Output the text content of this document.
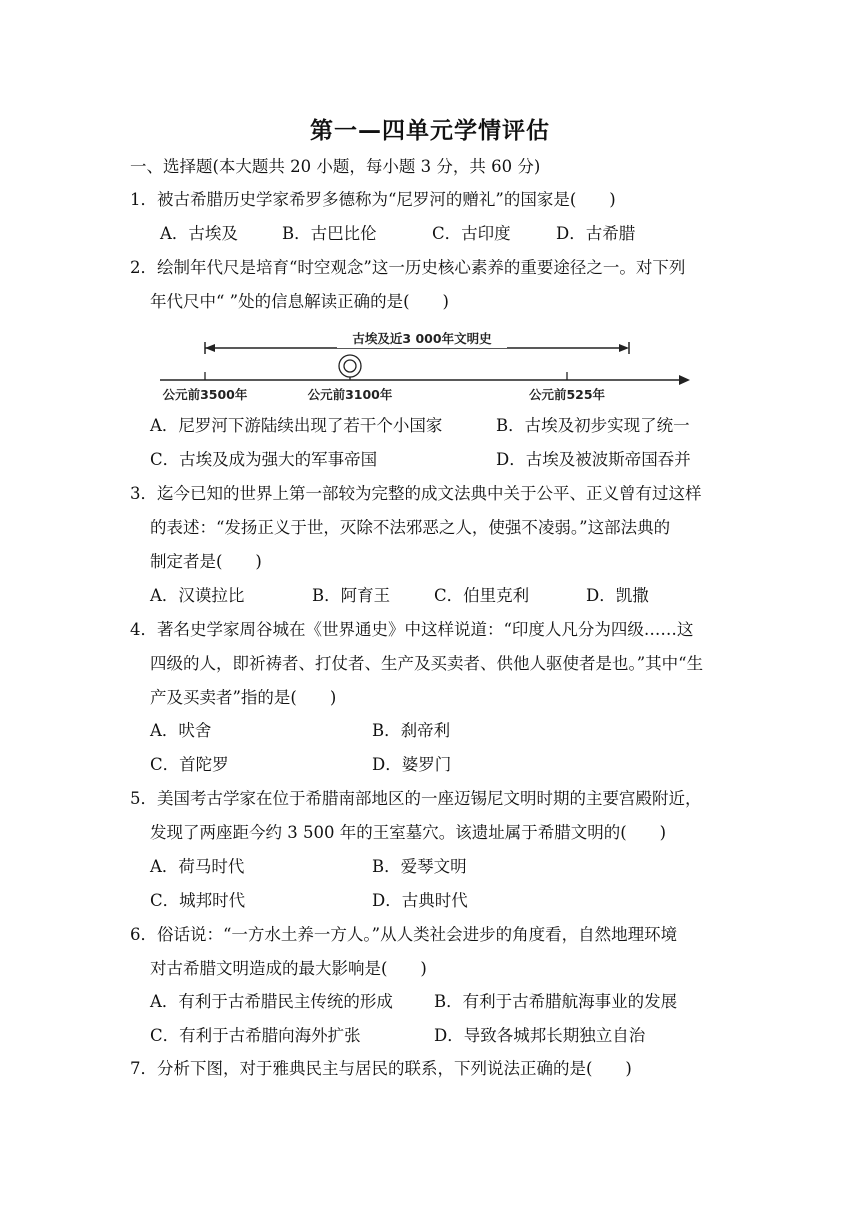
第一—四单元学情评估
一、选择题(本大题共 20 小题，每小题 3 分，共 60 分)
1．被古希腊历史学家希罗多德称为“尼罗河的赠礼”的国家是(　　)
A．古埃及	B．古巴比伦	C．古印度	D．古希腊
2．绘制年代尺是培育“时空观念”这一历史核心素养的重要途径之一。对下列
年代尺中“ ”处的信息解读正确的是(　　)
古埃及近3 000年文明史
公元前3500年	公元前3100年	公元前525年
A．尼罗河下游陆续出现了若干个小国家	B．古埃及初步实现了统一
C．古埃及成为强大的军事帝国	D．古埃及被波斯帝国吞并
3．迄今已知的世界上第一部较为完整的成文法典中关于公平、正义曾有过这样
的表述：“发扬正义于世，灭除不法邪恶之人，使强不凌弱。”这部法典的
制定者是(　　)
A．汉谟拉比	B．阿育王	C．伯里克利	D．凯撒
4．著名史学家周谷城在《世界通史》中这样说道：“印度人凡分为四级……这
四级的人，即祈祷者、打仗者、生产及买卖者、供他人驱使者是也。”其中“生
产及买卖者”指的是(　　)
A．吠舍	B．刹帝利
C．首陀罗	D．婆罗门
5．美国考古学家在位于希腊南部地区的一座迈锡尼文明时期的主要宫殿附近，
发现了两座距今约 3 500 年的王室墓穴。该遗址属于希腊文明的(　　)
A．荷马时代	B．爱琴文明
C．城邦时代	D．古典时代
6．俗话说：“一方水土养一方人。”从人类社会进步的角度看，自然地理环境
对古希腊文明造成的最大影响是(　　)
A．有利于古希腊民主传统的形成 B．有利于古希腊航海事业的发展
C．有利于古希腊向海外扩张	D．导致各城邦长期独立自治
7．分析下图，对于雅典民主与居民的联系，下列说法正确的是(　　)
